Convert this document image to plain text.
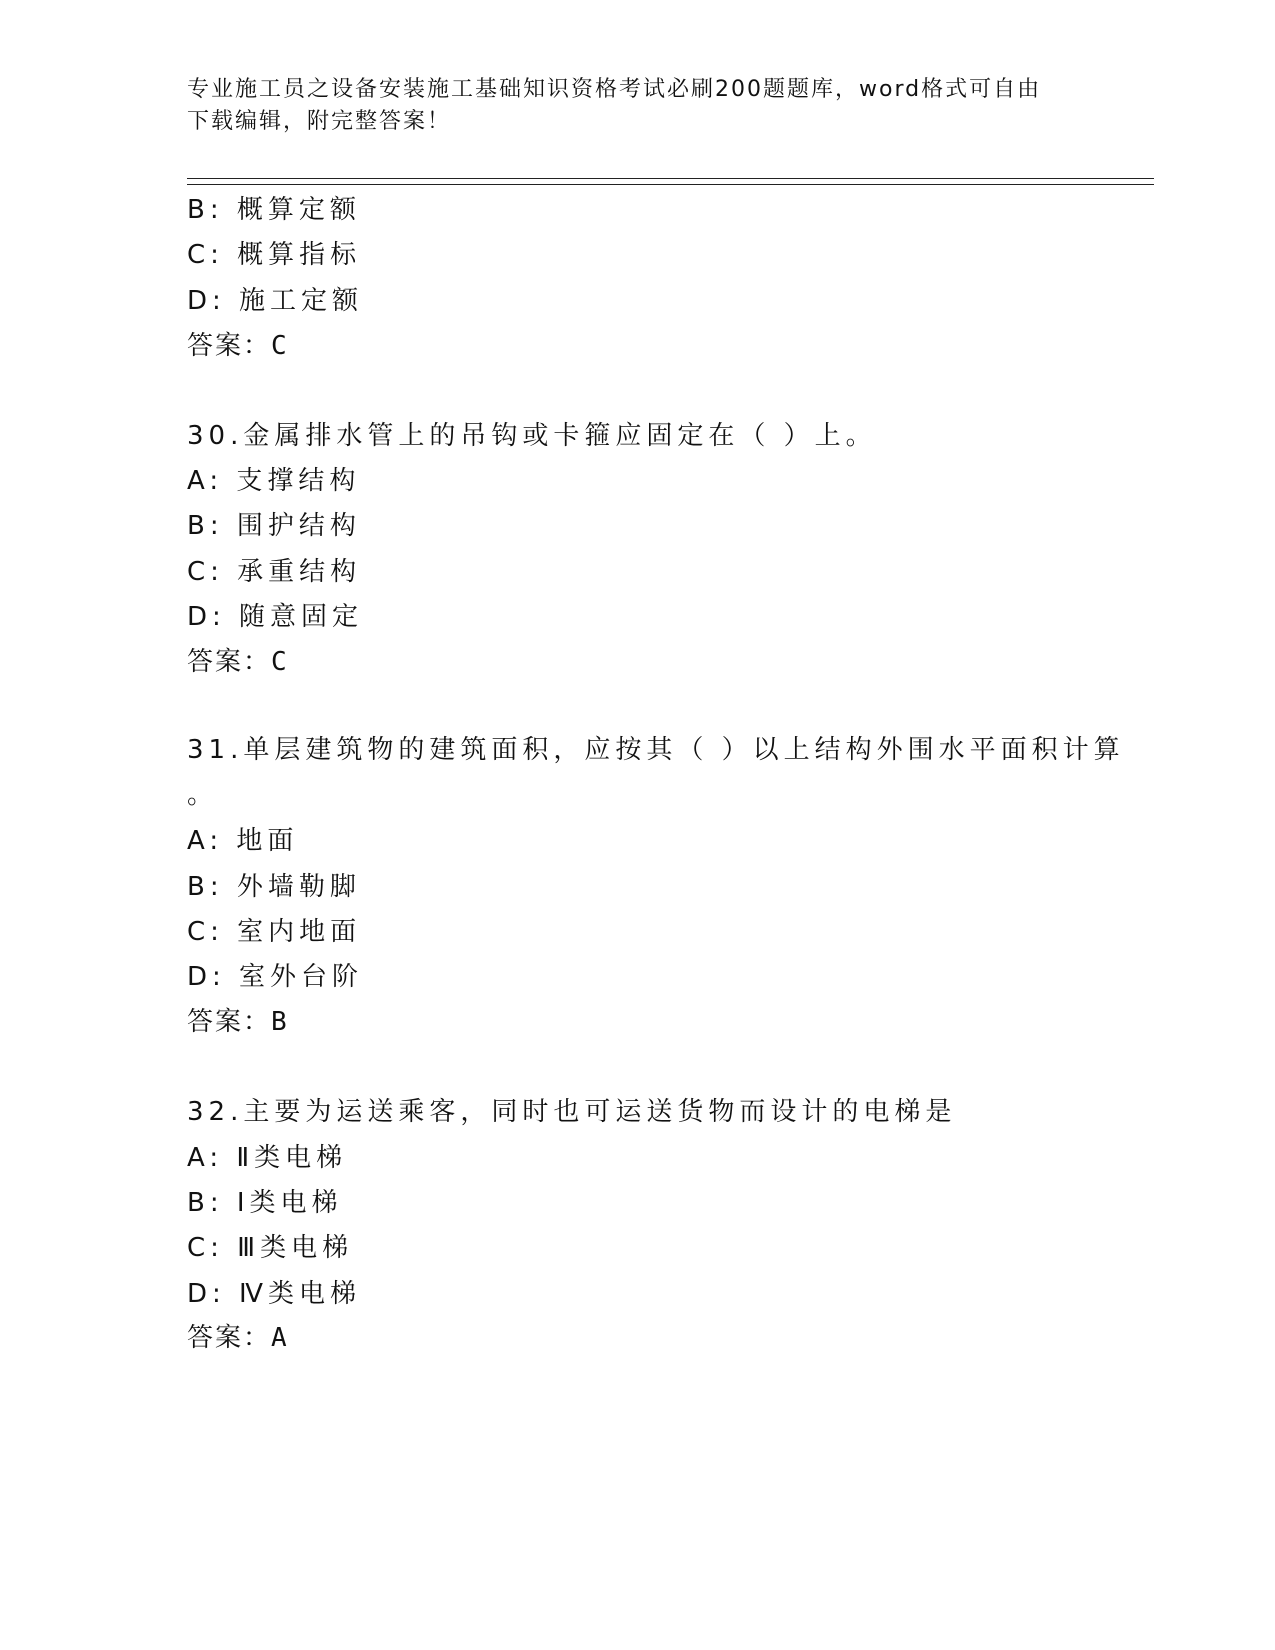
专业施工员之设备安装施工基础知识资格考试必刷200题题库，word格式可自由
下载编辑，附完整答案！
B: 概算定额
C: 概算指标
D: 施工定额
答案：C
30.金属排水管上的吊钩或卡箍应固定在（ ）上。
A: 支撑结构
B: 围护结构
C: 承重结构
D: 随意固定
答案：C
31.单层建筑物的建筑面积，应按其（ ）以上结构外围水平面积计算
。
A: 地面
B: 外墙勒脚
C: 室内地面
D: 室外台阶
答案：B
32.主要为运送乘客，同时也可运送货物而设计的电梯是
A: Ⅱ类电梯
B: Ⅰ类电梯
C: Ⅲ类电梯
D: Ⅳ类电梯
答案：A
